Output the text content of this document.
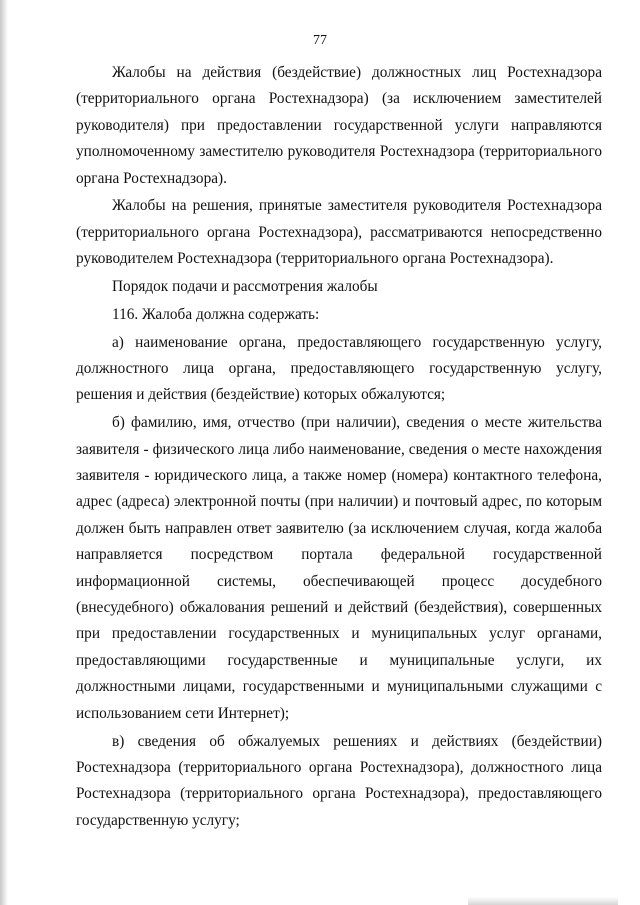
77

Жалобы на действия (бездействие) должностных лиц Ростехнадзора (территориального органа Ростехнадзора) (за исключением заместителей руководителя) при предоставлении государственной услуги направляются уполномоченному заместителю руководителя Ростехнадзора (территориального органа Ростехнадзора).

Жалобы на решения, принятые заместителя руководителя Ростехнадзора (территориального органа Ростехнадзора), рассматриваются непосредственно руководителем Ростехнадзора (территориального органа Ростехнадзора).

Порядок подачи и рассмотрения жалобы

116. Жалоба должна содержать:

а) наименование органа, предоставляющего государственную услугу, должностного лица органа, предоставляющего государственную услугу, решения и действия (бездействие) которых обжалуются;

б) фамилию, имя, отчество (при наличии), сведения о месте жительства заявителя - физического лица либо наименование, сведения о месте нахождения заявителя - юридического лица, а также номер (номера) контактного телефона, адрес (адреса) электронной почты (при наличии) и почтовый адрес, по которым должен быть направлен ответ заявителю (за исключением случая, когда жалоба направляется посредством портала федеральной государственной информационной системы, обеспечивающей процесс досудебного (внесудебного) обжалования решений и действий (бездействия), совершенных при предоставлении государственных и муниципальных услуг органами, предоставляющими государственные и муниципальные услуги, их должностными лицами, государственными и муниципальными служащими с использованием сети Интернет);

в) сведения об обжалуемых решениях и действиях (бездействии) Ростехнадзора (территориального органа Ростехнадзора), должностного лица Ростехнадзора (территориального органа Ростехнадзора), предоставляющего государственную услугу;
